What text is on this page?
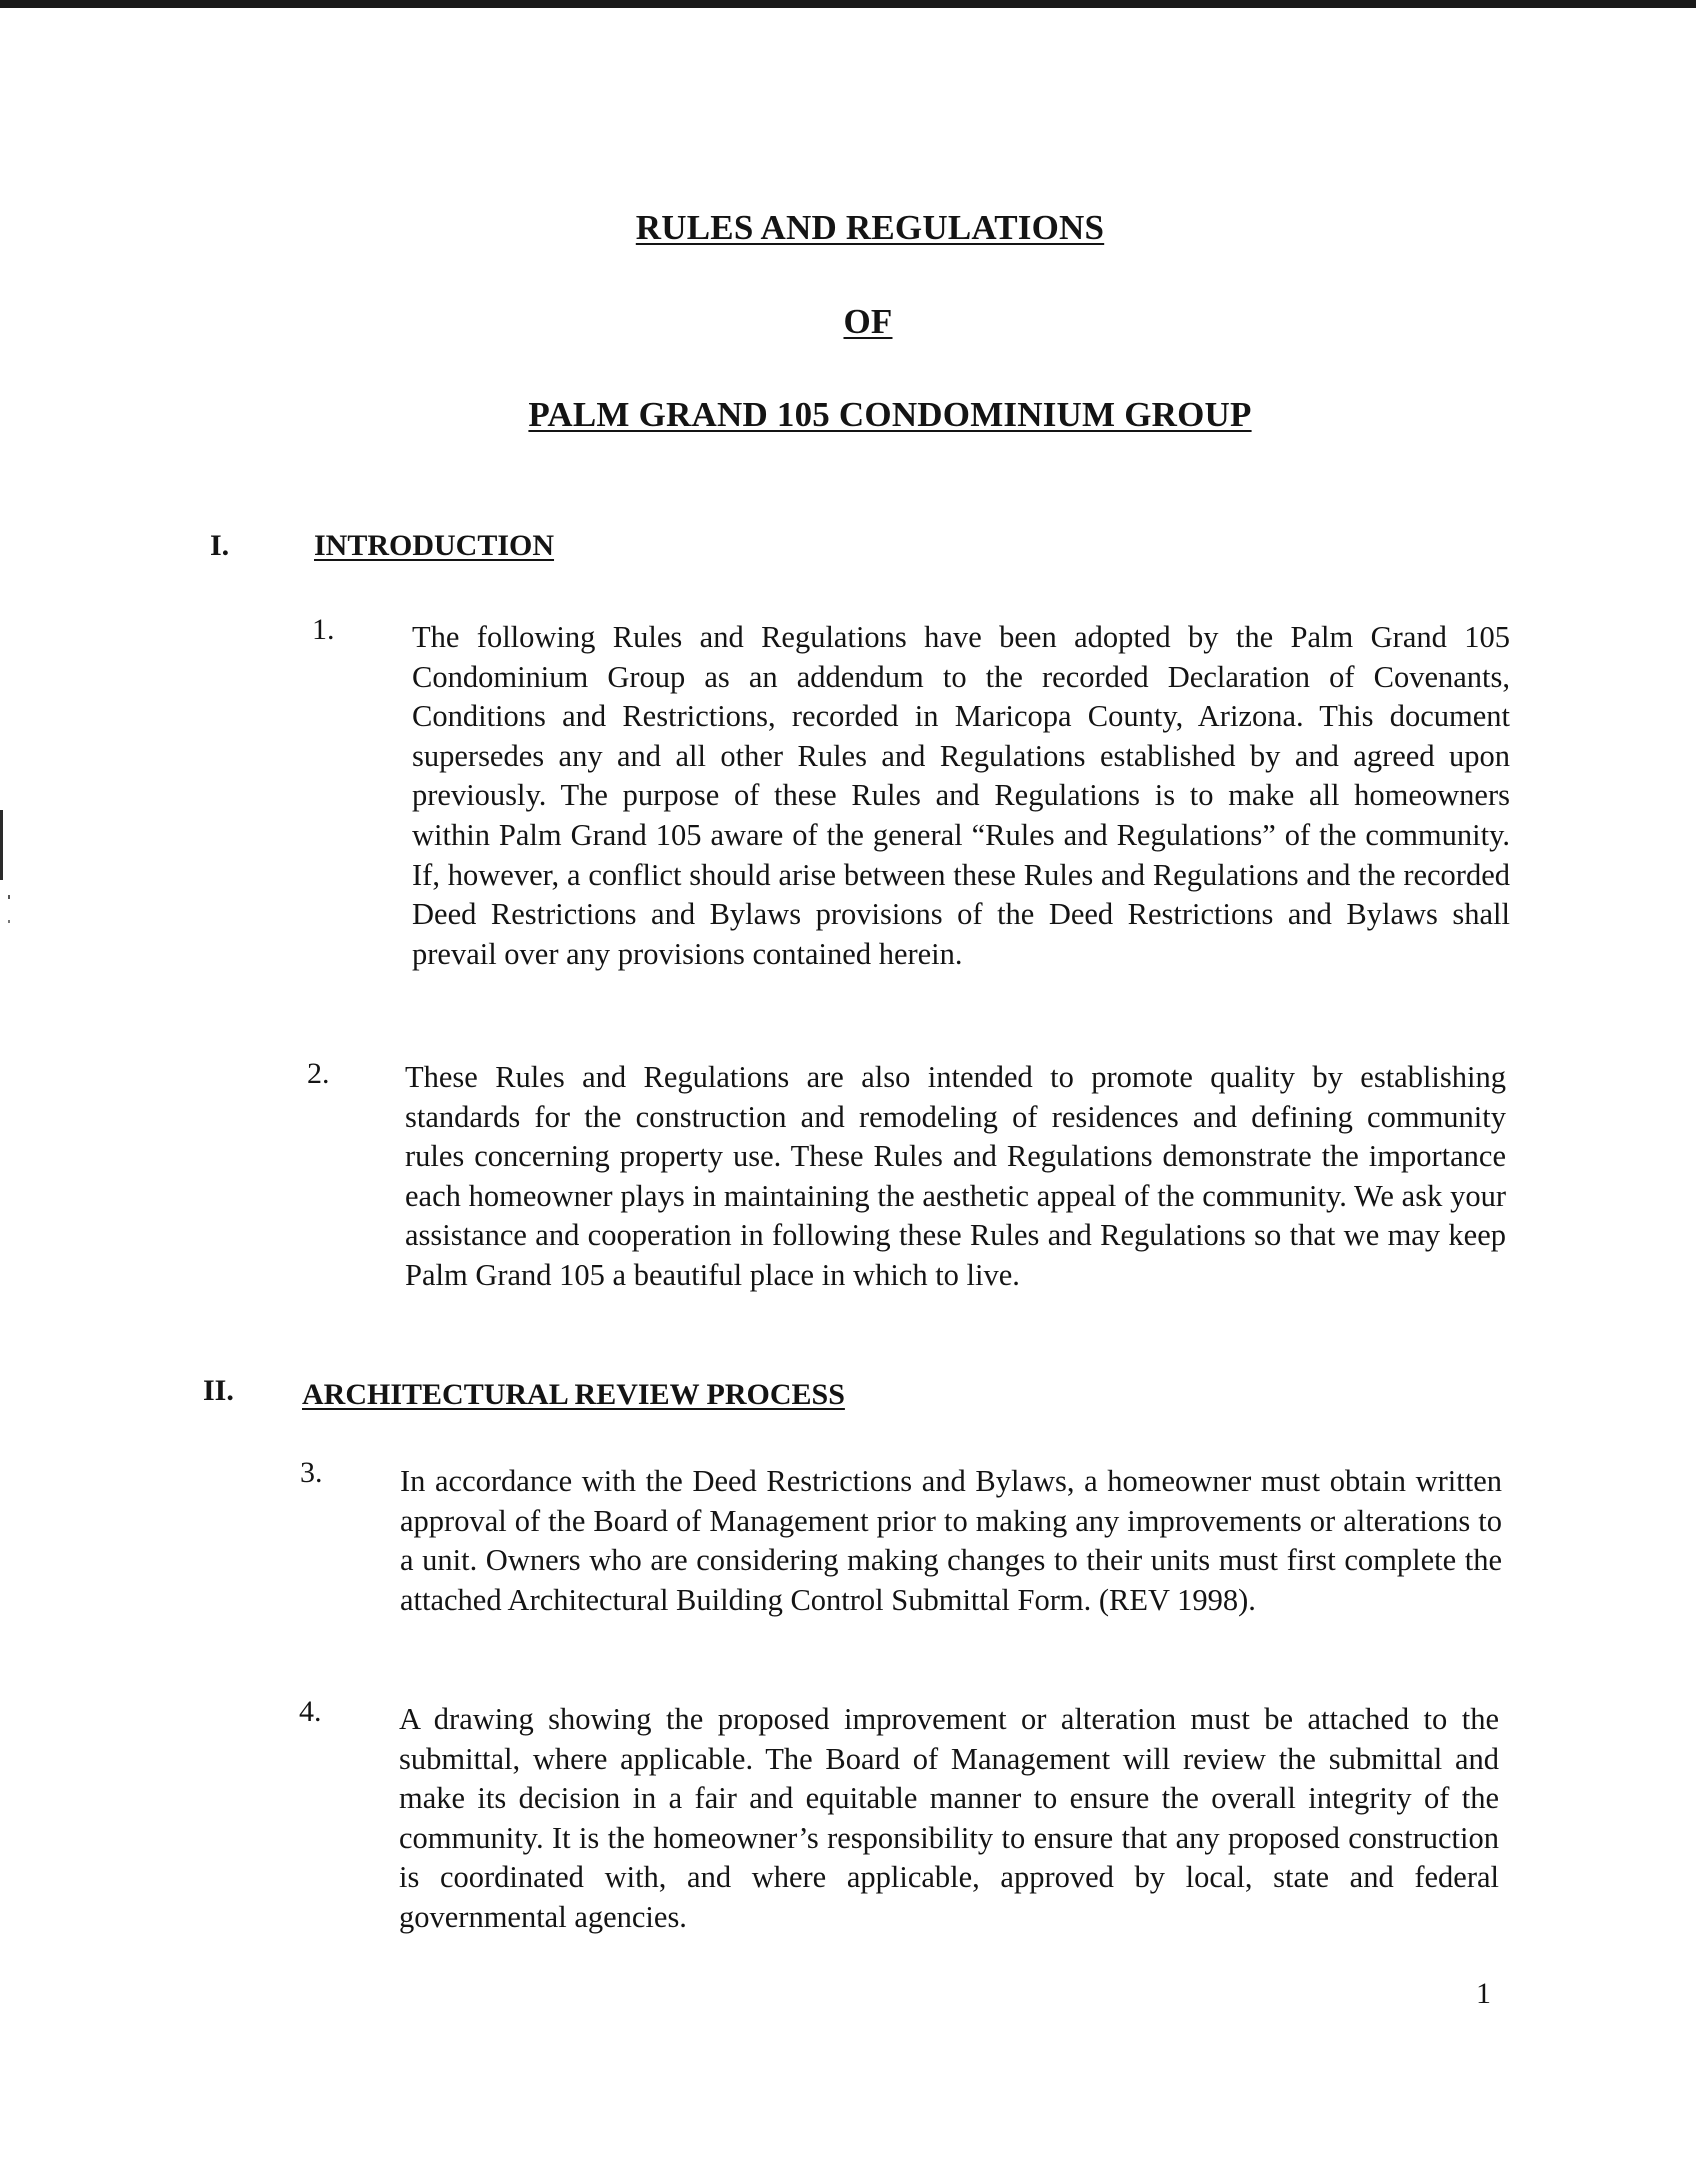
RULES AND REGULATIONS
OF
PALM GRAND 105 CONDOMINIUM GROUP
I.	INTRODUCTION
1.	The following Rules and Regulations have been adopted by the Palm Grand 105 Condominium Group as an addendum to the recorded Declaration of Covenants, Conditions and Restrictions, recorded in Maricopa County, Arizona. This document supersedes any and all other Rules and Regulations established by and agreed upon previously. The purpose of these Rules and Regulations is to make all homeowners within Palm Grand 105 aware of the general “Rules and Regulations” of the community. If, however, a conflict should arise between these Rules and Regulations and the recorded Deed Restrictions and Bylaws provisions of the Deed Restrictions and Bylaws shall prevail over any provisions contained herein.
2. These Rules and Regulations are also intended to promote quality by establishing standards for the construction and remodeling of residences and defining community rules concerning property use. These Rules and Regulations demonstrate the importance each homeowner plays in maintaining the aesthetic appeal of the community. We ask your assistance and cooperation in following these Rules and Regulations so that we may keep Palm Grand 105 a beautiful place in which to live.
II. ARCHITECTURAL REVIEW PROCESS
3.	In accordance with the Deed Restrictions and Bylaws, a homeowner must obtain written approval of the Board of Management prior to making any improvements or alterations to a unit. Owners who are considering making changes to their units must first complete the attached Architectural Building Control Submittal Form. (REV 1998).
4.	A drawing showing the proposed improvement or alteration must be attached to the submittal, where applicable. The Board of Management will review the submittal and make its decision in a fair and equitable manner to ensure the overall integrity of the community. It is the homeowner’s responsibility to ensure that any proposed construction is coordinated with, and where applicable, approved by local, state and federal governmental agencies.
1
